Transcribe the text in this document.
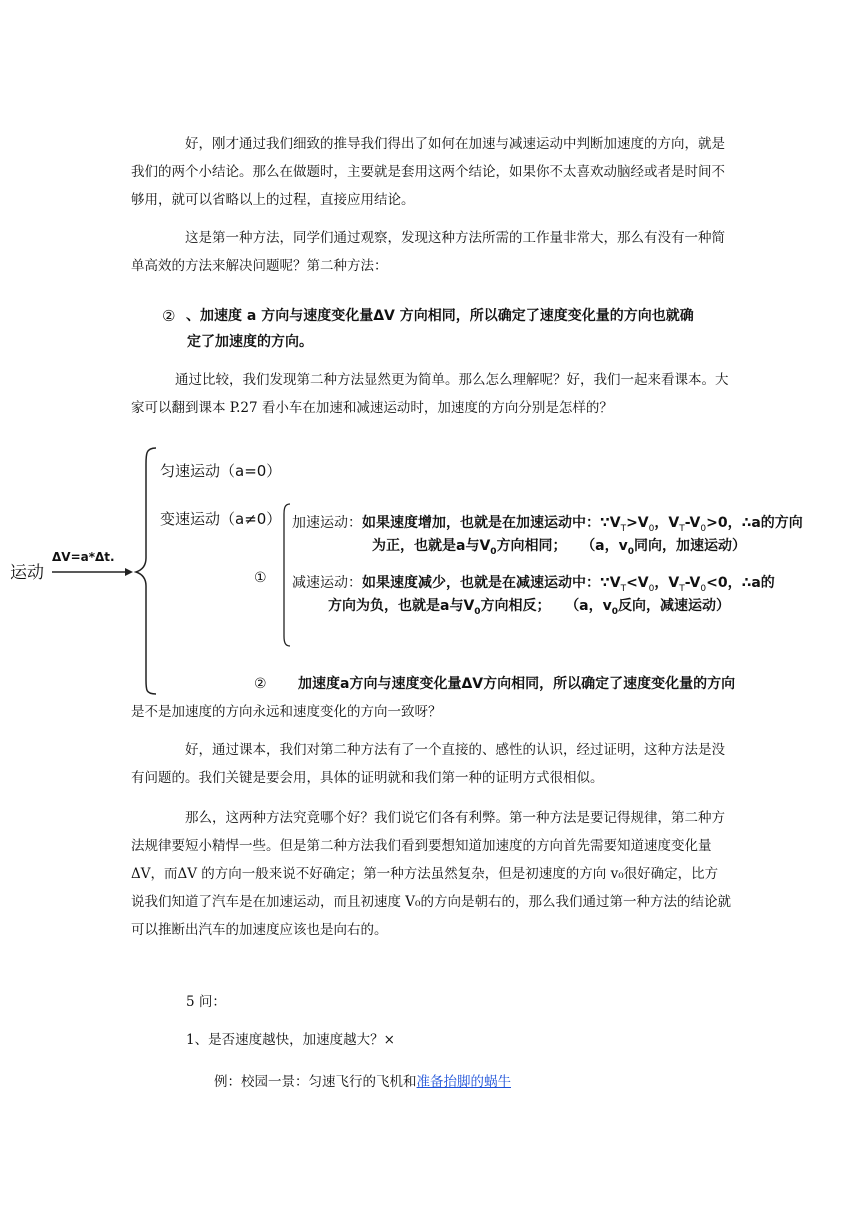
好，刚才通过我们细致的推导我们得出了如何在加速与减速运动中判断加速度的方向，就是我们的两个小结论。那么在做题时，主要就是套用这两个结论，如果你不太喜欢动脑经或者是时间不够用，就可以省略以上的过程，直接应用结论。

这是第一种方法，同学们通过观察，发现这种方法所需的工作量非常大，那么有没有一种简单高效的方法来解决问题呢？第二种方法：

② 、加速度 a 方向与速度变化量ΔV 方向相同，所以确定了速度变化量的方向也就确
定了加速度的方向。

通过比较，我们发现第二种方法显然更为简单。那么怎么理解呢？好，我们一起来看课本。大家可以翻到课本 P.27 看小车在加速和减速运动时，加速度的方向分别是怎样的？

运动
ΔV=a*Δt.
匀速运动（a=0）
变速运动（a≠0）
①
加速运动：如果速度增加，也就是在加速运动中：$\because V_T>V_0$，$V_T-V_0>0$，∴a的方向
为正，也就是a与$V_0$方向相同； （a，$v_0$同向，加速运动）
减速运动：如果速度减少，也就是在减速运动中：$\because V_T<V_0$，$V_T-V_0<0$，∴a的
方向为负，也就是a与$V_0$方向相反； （a，$v_0$反向，减速运动）
② 加速度a方向与速度变化量ΔV方向相同，所以确定了速度变化量的方向

是不是加速度的方向永远和速度变化的方向一致呀？

好，通过课本，我们对第二种方法有了一个直接的、感性的认识，经过证明，这种方法是没有问题的。我们关键是要会用，具体的证明就和我们第一种的证明方式很相似。

那么，这两种方法究竟哪个好？我们说它们各有利弊。第一种方法是要记得规律，第二种方法规律要短小精悍一些。但是第二种方法我们看到要想知道加速度的方向首先需要知道速度变化量ΔV，而ΔV 的方向一般来说不好确定；第一种方法虽然复杂，但是初速度的方向 v₀很好确定，比方说我们知道了汽车是在加速运动，而且初速度 V₀的方向是朝右的，那么我们通过第一种方法的结论就可以推断出汽车的加速度应该也是向右的。

5 问：

1、是否速度越快，加速度越大？×

例：校园一景：匀速飞行的飞机和准备抬脚的蜗牛
